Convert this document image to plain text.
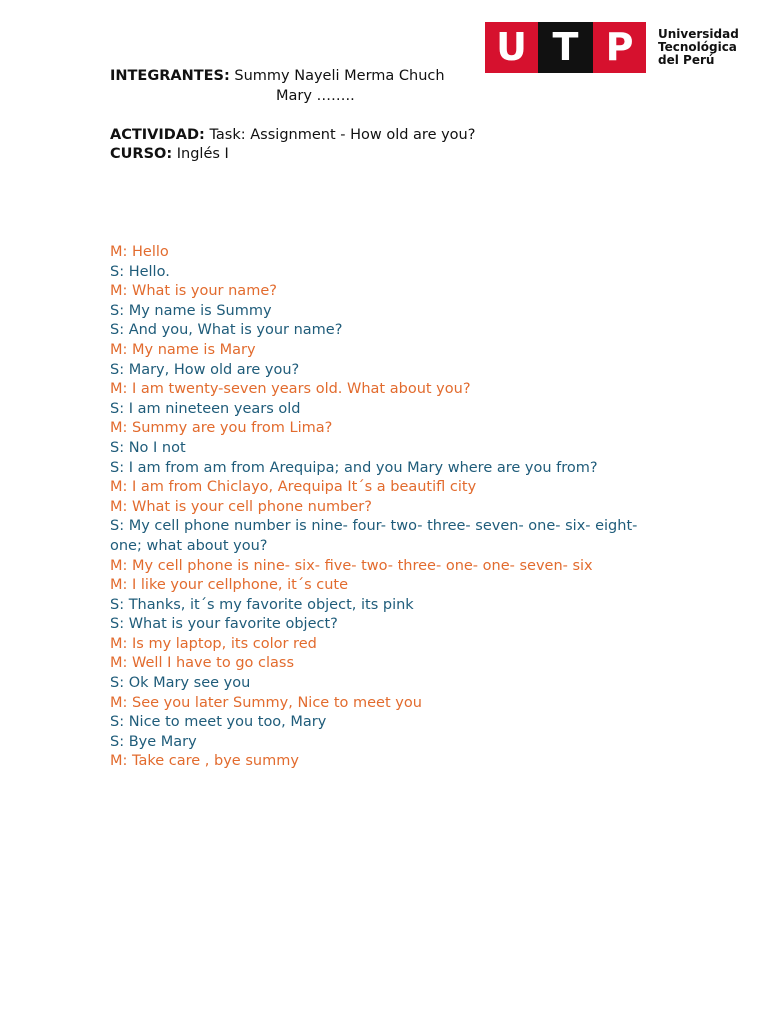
U T P	Universidad
Tecnológica
del Perú
INTEGRANTES: Summy Nayeli Merma Chuch
Mary ……..
ACTIVIDAD: Task: Assignment - How old are you?
CURSO: Inglés I
M: Hello
S: Hello.
M: What is your name?
S: My name is Summy
S: And you, What is your name?
M: My name is Mary
S: Mary, How old are you?
M: I am twenty-seven years old. What about you?
S: I am nineteen years old
M: Summy are you from Lima?
S: No I not
S: I am from am from Arequipa; and you Mary where are you from?
M: I am from Chiclayo, Arequipa It´s a beautifl city
M: What is your cell phone number?
S: My cell phone number is nine- four- two- three- seven- one- six- eight- one; what about you?
M: My cell phone is nine- six- five- two- three- one- one- seven- six
M: I like your cellphone, it´s cute
S: Thanks, it´s my favorite object, its pink
S: What is your favorite object?
M: Is my laptop, its color red
M: Well I have to go class
S: Ok Mary see you
M: See you later Summy, Nice to meet you
S: Nice to meet you too, Mary
S: Bye Mary
M: Take care , bye summy
